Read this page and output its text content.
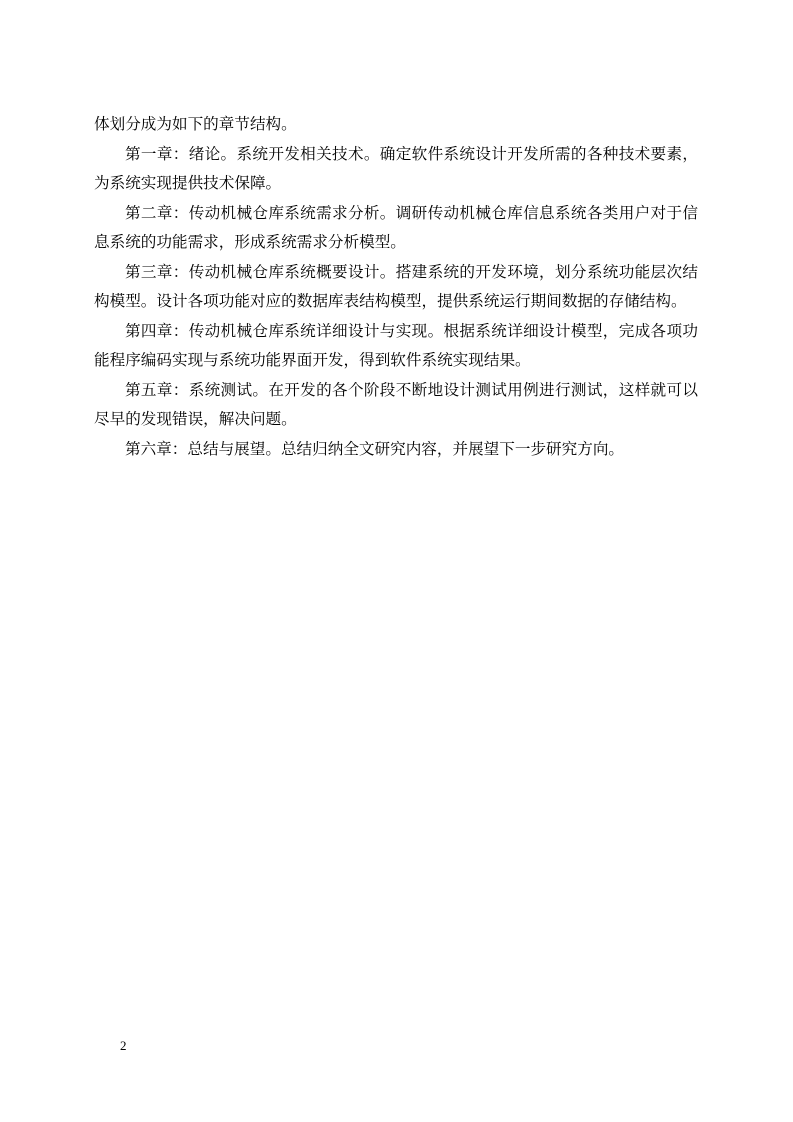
体划分成为如下的章节结构。

第一章：绪论。系统开发相关技术。确定软件系统设计开发所需的各种技术要素，为系统实现提供技术保障。

第二章：传动机械仓库系统需求分析。调研传动机械仓库信息系统各类用户对于信息系统的功能需求，形成系统需求分析模型。

第三章：传动机械仓库系统概要设计。搭建系统的开发环境，划分系统功能层次结构模型。设计各项功能对应的数据库表结构模型，提供系统运行期间数据的存储结构。

第四章：传动机械仓库系统详细设计与实现。根据系统详细设计模型，完成各项功能程序编码实现与系统功能界面开发，得到软件系统实现结果。

第五章：系统测试。在开发的各个阶段不断地设计测试用例进行测试，这样就可以尽早的发现错误，解决问题。

第六章：总结与展望。总结归纳全文研究内容，并展望下一步研究方向。

2
